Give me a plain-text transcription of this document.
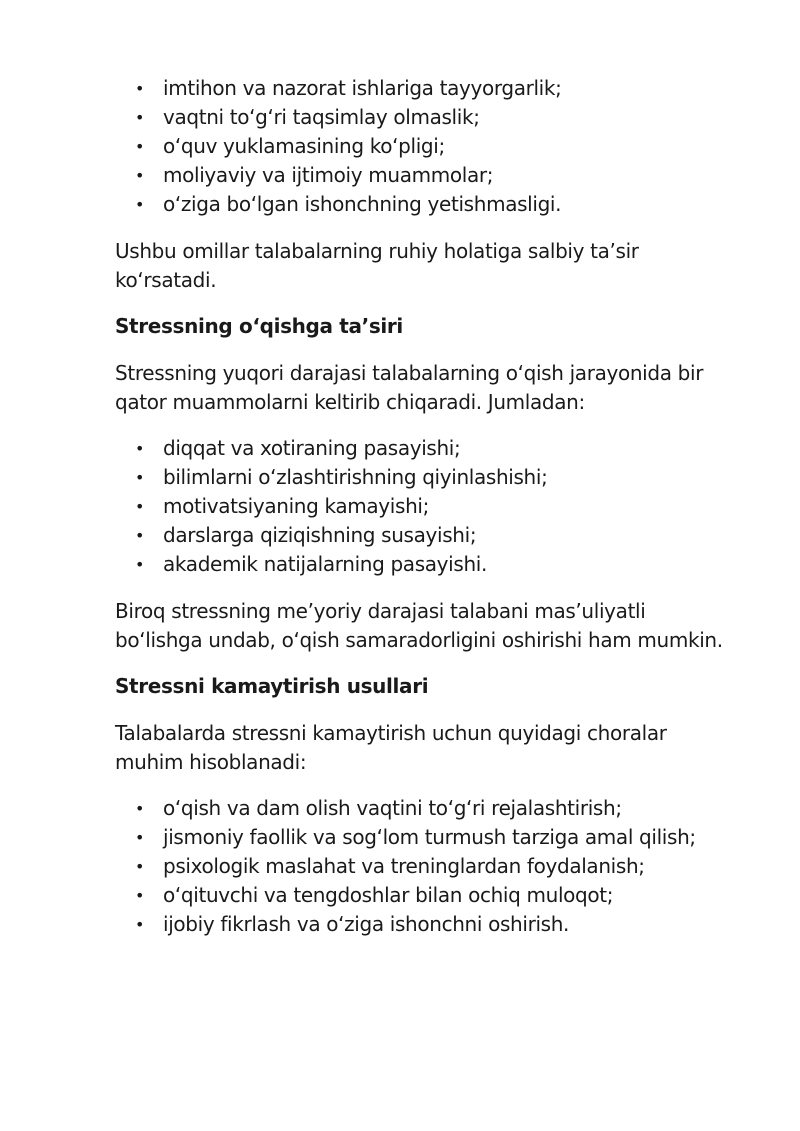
• imtihon va nazorat ishlariga tayyorgarlik;
• vaqtni to‘g‘ri taqsimlay olmaslik;
• o‘quv yuklamasining ko‘pligi;
• moliyaviy va ijtimoiy muammolar;
• o‘ziga bo‘lgan ishonchning yetishmasligi.

Ushbu omillar talabalarning ruhiy holatiga salbiy ta’sir ko‘rsatadi.

Stressning o‘qishga ta’siri

Stressning yuqori darajasi talabalarning o‘qish jarayonida bir qator muammolarni keltirib chiqaradi. Jumladan:

• diqqat va xotiraning pasayishi;
• bilimlarni o‘zlashtirishning qiyinlashishi;
• motivatsiyaning kamayishi;
• darslarga qiziqishning susayishi;
• akademik natijalarning pasayishi.

Biroq stressning me’yoriy darajasi talabani mas’uliyatli bo‘lishga undab, o‘qish samaradorligini oshirishi ham mumkin.

Stressni kamaytirish usullari

Talabalarda stressni kamaytirish uchun quyidagi choralar muhim hisoblanadi:

• o‘qish va dam olish vaqtini to‘g‘ri rejalashtirish;
• jismoniy faollik va sog‘lom turmush tarziga amal qilish;
• psixologik maslahat va treninglardan foydalanish;
• o‘qituvchi va tengdoshlar bilan ochiq muloqot;
• ijobiy fikrlash va o‘ziga ishonchni oshirish.
